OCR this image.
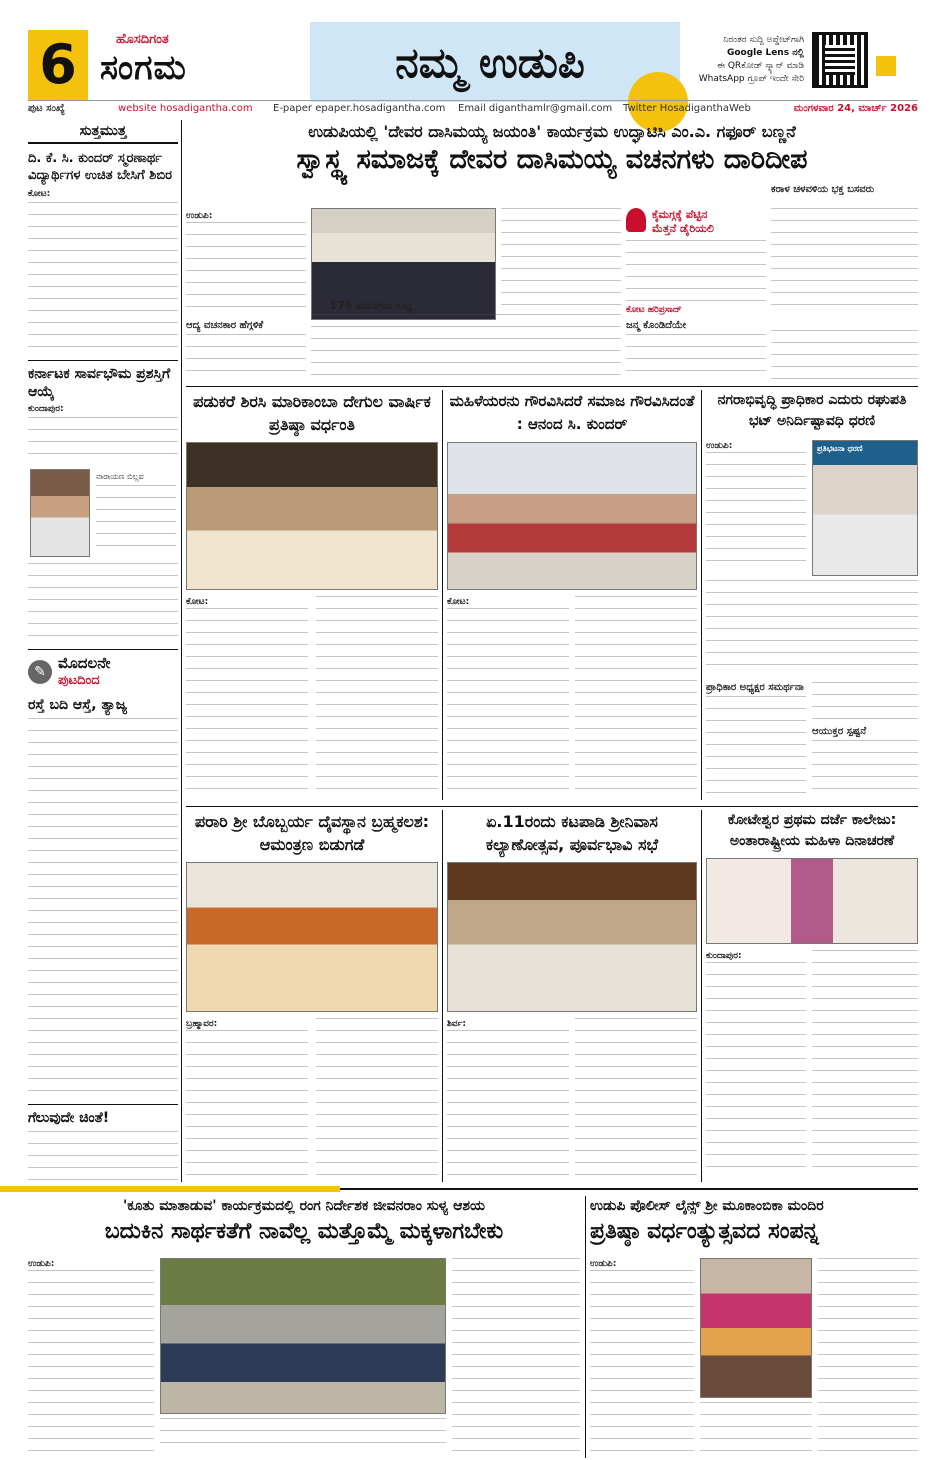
6	ಹೊಸದಿಗಂತ
ಸಂಗಮ	ನಮ್ಮ ಉಡುಪಿ	ನಿರಂತರ ಸುದ್ದಿ ಅಪ್ಡೇಟ್‌ಗಾಗಿ
Google Lens ನಲ್ಲಿ
ಈ QRಕೋಡ್ ಸ್ಕ್ಯಾನ್ ಮಾಡಿ
WhatsApp ಗ್ರೂಪ್ ಇಂದೇ ಸೇರಿ
ಪುಟ ಸಂಖ್ಯೆ	website hosadigantha.com E-paper epaper.hosadigantha.com Email diganthamlr@gmail.com Twitter HosadiganthaWeb	ಮಂಗಳವಾರ 24, ಮಾರ್ಚ್ 2026
ಸುತ್ತಮುತ್ತ
ದಿ. ಕೆ. ಸಿ. ಕುಂದರ್ ಸ್ಮರಣಾರ್ಥ ವಿದ್ಯಾರ್ಥಿಗಳ ಉಚಿತ ಬೇಸಿಗೆ ಶಿಬಿರ
ಕೋಟ:
ಕರ್ನಾಟಕ ಸಾರ್ವಭೌಮ ಪ್ರಶಸ್ತಿಗೆ ಆಯ್ಕೆ
ಕುಂದಾಪುರ:
ನಾರಾಯಣ ಬಿಲ್ಲವ
✎ ಮೊದಲನೇ
ಪುಟದಿಂದ
ರಸ್ತೆ ಬದಿ ಆಸ್ತೆ, ತ್ಯಾಜ್ಯ
ಗೆಲುವುದೇ ಚಿಂತೆ!
ಉಡುಪಿಯಲ್ಲಿ 'ದೇವರ ದಾಸಿಮಯ್ಯ ಜಯಂತಿ' ಕಾರ್ಯಕ್ರಮ ಉದ್ಘಾಟಿಸಿ ಎಂ.ಎ. ಗಫೂರ್ ಬಣ್ಣನೆ
ಸ್ವಾಸ್ಥ್ಯ ಸಮಾಜಕ್ಕೆ ದೇವರ ದಾಸಿಮಯ್ಯ ವಚನಗಳು ದಾರಿದೀಪ
ಉಡುಪಿ:	ಕೈಮಗ್ಗಕ್ಕೆ ಪೆಟ್ಟಿನ
ಮೆತ್ತನೆ ಡೈರಿಯಲಿ
ಕೋಟ ಹರಿಪ್ರಸಾದ್
ಆದ್ಯ ವಚನಕಾರ ಹೆಗ್ಗಳಿಕೆ
176 ವಚನಗಳು ಲಭ್ಯ
ಜನ್ಮ ಕೊಂಡಿದೆಯೇ
ಕರಾಳ ಚಳವಳಿಯ ಭಕ್ತ ಬಸವರು
ಪಡುಕರೆ ಶಿರಸಿ ಮಾರಿಕಾಂಬಾ ದೇಗುಲ ವಾರ್ಷಿಕ ಪ್ರತಿಷ್ಠಾ ವರ್ಧಂತಿ
ಕೋಟ:
ಮಹಿಳೆಯರನು ಗೌರವಿಸಿದರೆ ಸಮಾಜ ಗೌರವಿಸಿದಂತೆ : ಆನಂದ ಸಿ. ಕುಂದರ್
ಕೋಟ:
ನಗರಾಭಿವೃದ್ಧಿ ಪ್ರಾಧಿಕಾರ ಎದುರು ರಘುಪತಿ ಭಟ್ ಅನಿರ್ದಿಷ್ಟಾವಧಿ ಧರಣಿ
ಉಡುಪಿ:	ಪ್ರತಿಭಟನಾ ಧರಣಿ
ಪ್ರಾಧಿಕಾರ ಅಧ್ಯಕ್ಷರ ಸಮರ್ಥನಾ
ಆಯುಕ್ತರ ಸ್ಪಷ್ಟನೆ
ಪರಾರಿ ಶ್ರೀ ಬೊಬ್ಬರ್ಯ ದೈವಸ್ಥಾನ ಬ್ರಹ್ಮಕಲಶ: ಆಮಂತ್ರಣ ಬಿಡುಗಡೆ
ಬ್ರಹ್ಮಾವರ:
ಏ.11ರಂದು ಕಟಪಾಡಿ ಶ್ರೀನಿವಾಸ ಕಲ್ಯಾಣೋತ್ಸವ, ಪೂರ್ವಭಾವಿ ಸಭೆ
ಶಿರ್ವ:
ಕೋಟೇಶ್ವರ ಪ್ರಥಮ ದರ್ಜೆ ಕಾಲೇಜು: ಅಂತಾರಾಷ್ಟ್ರೀಯ ಮಹಿಳಾ ದಿನಾಚರಣೆ
ಕುಂದಾಪುರ:
'ಕೂತು ಮಾತಾಡುವ' ಕಾರ್ಯಕ್ರಮದಲ್ಲಿ ರಂಗ ನಿರ್ದೇಶಕ ಜೀವನರಾಂ ಸುಳ್ಯ ಆಶಯ
ಬದುಕಿನ ಸಾರ್ಥಕತೆಗೆ ನಾವೆಲ್ಲ ಮತ್ತೊಮ್ಮೆ ಮಕ್ಕಳಾಗಬೇಕು
ಉಡುಪಿ:
ಉಡುಪಿ ಪೊಲೀಸ್ ಲೈನ್ಸ್ ಶ್ರೀ ಮೂಕಾಂಬಿಕಾ ಮಂದಿರ
ಪ್ರತಿಷ್ಠಾ ವರ್ಧಂತ್ಯುತ್ಸವದ ಸಂಪನ್ನ
ಉಡುಪಿ:
